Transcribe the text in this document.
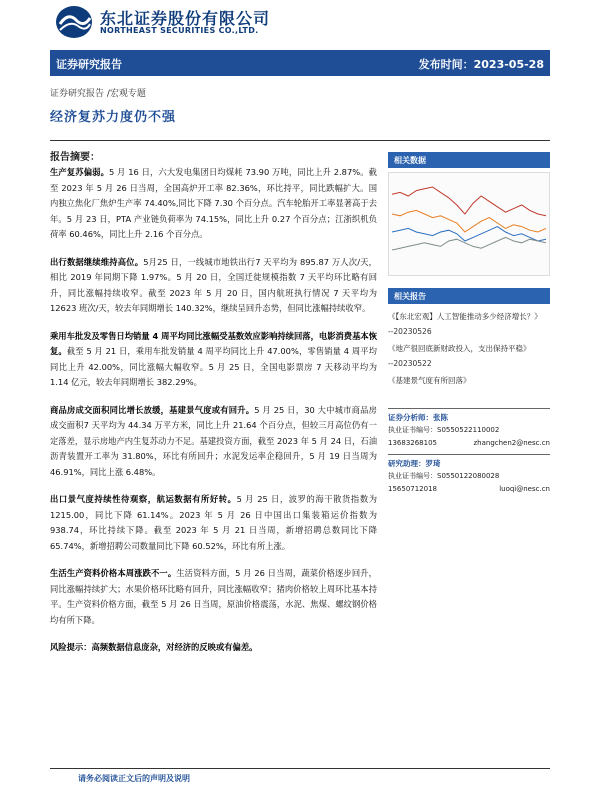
东北证券股份有限公司
NORTHEAST SECURITIES CO.,LTD.
证券研究报告	发布时间：2023-05-28
证券研究报告 /宏观专题
经济复苏力度仍不强
报告摘要：
生产复苏偏弱。5 月 16 日，六大发电集团日均煤耗 73.90 万吨，同比上升 2.87%。截至 2023 年 5 月 26 日当周，全国高炉开工率 82.36%，环比持平，同比跌幅扩大。国内独立焦化厂焦炉生产率 74.40%,同比下降 7.30 个百分点。汽车轮胎开工率显著高于去年。5 月 23 日，PTA 产业链负荷率为 74.15%，同比上升 0.27 个百分点；江浙织机负荷率 60.46%，同比上升 2.16 个百分点。
出行数据继续维持高位。5月25 日，一线城市地铁出行7 天平均为 895.87 万人次/天，相比 2019 年同期下降 1.97%。5 月 20 日，全国迁徙规模指数 7 天平均环比略有回升，同比涨幅持续收窄。截至 2023 年 5 月 20 日，国内航班执行情况 7 天平均为 12623 班次/天，较去年同期增长 140.32%，继续呈回升态势，但同比涨幅持续收窄。
乘用车批发及零售日均销量 4 周平均同比涨幅受基数效应影响持续回落，电影消费基本恢复。截至 5 月 21 日，乘用车批发销量 4 周平均同比上升 47.00%，零售销量 4 周平均同比上升 42.00%，同比涨幅大幅收窄。5 月 25 日，全国电影票房 7 天移动平均为 1.14 亿元，较去年同期增长 382.29%。
商品房成交面积同比增长放缓，基建景气度或有回升。5 月 25 日，30 大中城市商品房成交面积7 天平均为 44.34 万平方米，同比上升 21.64 个百分点，但较三月高位仍有一定落差，显示房地产内生复苏动力不足。基建投资方面，截至 2023 年 5 月 24 日，石油沥青装置开工率为 31.80%，环比有所回升；水泥发运率企稳回升，5 月 19 日当周为 46.91%，同比上涨 6.48%。
出口景气度持续性待观察，航运数据有所好转。5 月 25 日，波罗的海干散货指数为 1215.00，同比下降 61.14%。2023 年 5 月 26 日中国出口集装箱运价指数为 938.74，环比持续下降。截至 2023 年 5 月 21 日当周，新增招聘总数同比下降 65.74%，新增招聘公司数量同比下降 60.52%，环比有所上涨。
生活生产资料价格本周涨跌不一。生活资料方面，5 月 26 日当周，蔬菜价格逐步回升，同比涨幅持续扩大；水果价格环比略有回升，同比涨幅收窄；猪肉价格较上周环比基本持平。生产资料价格方面，截至 5 月 26 日当周，原油价格震荡，水泥、焦煤、螺纹钢价格均有所下降。
风险提示：高频数据信息庞杂，对经济的反映或有偏差。
相关数据
相关报告
《【东北宏观】人工智能推动多少经济增长？》
--20230526
《地产很回底新财政投入，支出保持平稳》
--20230522
《基建景气度有所回落》
证券分析师：张陈
执业证书编号：S0550522110002
13683268105	zhangchen2@nesc.cn
研究助理：罗琦
执业证书编号：S0550122080028
15650712018	luoqi@nesc.cn
请务必阅读正文后的声明及说明
